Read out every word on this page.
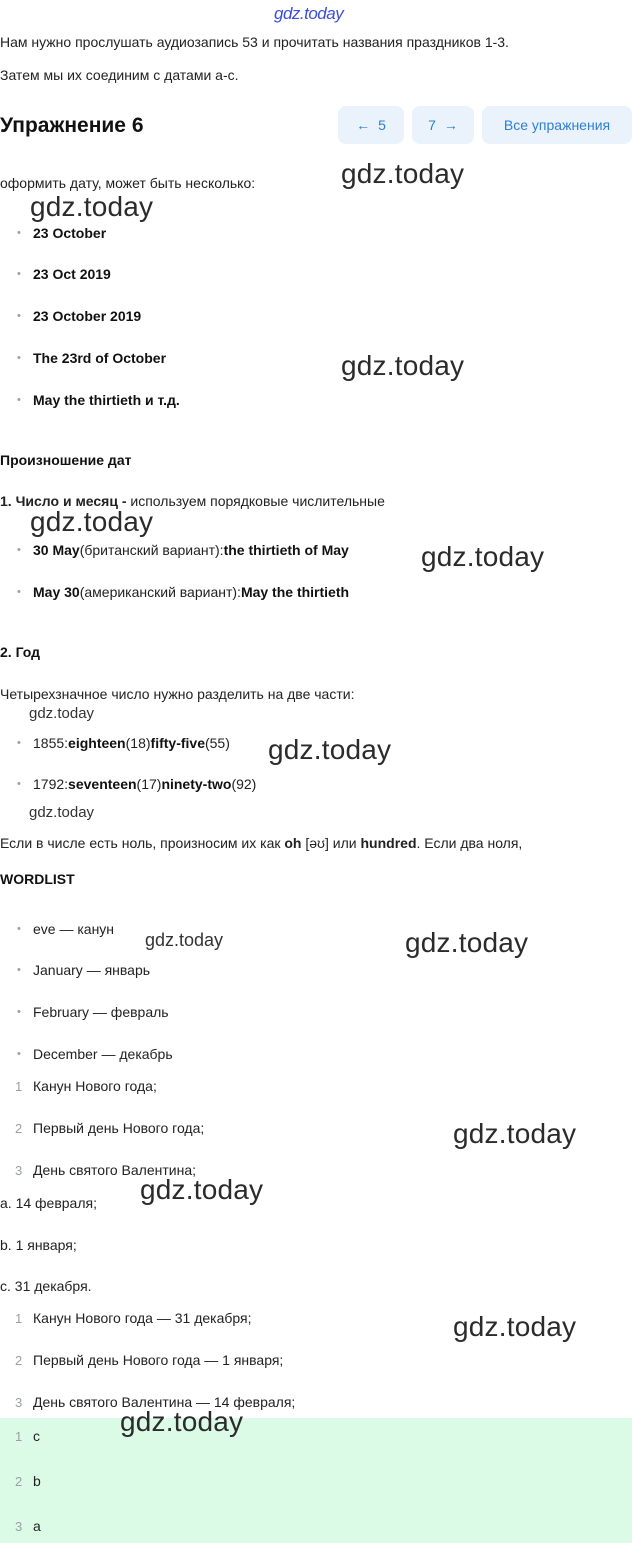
gdz.today
Нам нужно прослушать аудиозапись 53 и прочитать названия праздников 1-3.
Затем мы их соединим с датами a-c.
Упражнение 6	← 5	7 →	Все упражнения
оформить дату, может быть несколько:
• 23 October
• 23 Oct 2019
• 23 October 2019
• The 23rd of October
• May the thirtieth и т.д.
Произношение дат
1. Число и месяц - используем порядковые числительные
• 30 May (британский вариант): the thirtieth of May
• May 30 (американский вариант): May the thirtieth
2. Год
Четырехзначное число нужно разделить на две части:
• 1855: eighteen (18) fifty-five (55)
• 1792: seventeen (17) ninety-two (92)
Если в числе есть ноль, произносим их как oh [əʊ] или hundred. Если два ноля,
WORDLIST
• eve — канун
• January — январь
• February — февраль
• December — декабрь
1 Канун Нового года;
2 Первый день Нового года;
3 День святого Валентина;
a. 14 февраля;
b. 1 января;
c. 31 декабря.
1 Канун Нового года — 31 декабря;
2 Первый день Нового года — 1 января;
3 День святого Валентина — 14 февраля;
1 c
2 b
3 a
gdz.today
gdz.today
gdz.today
gdz.today
gdz.today
gdz.today
gdz.today
gdz.today
gdz.today	gdz.today
gdz.today
gdz.today
gdz.today
gdz.today
